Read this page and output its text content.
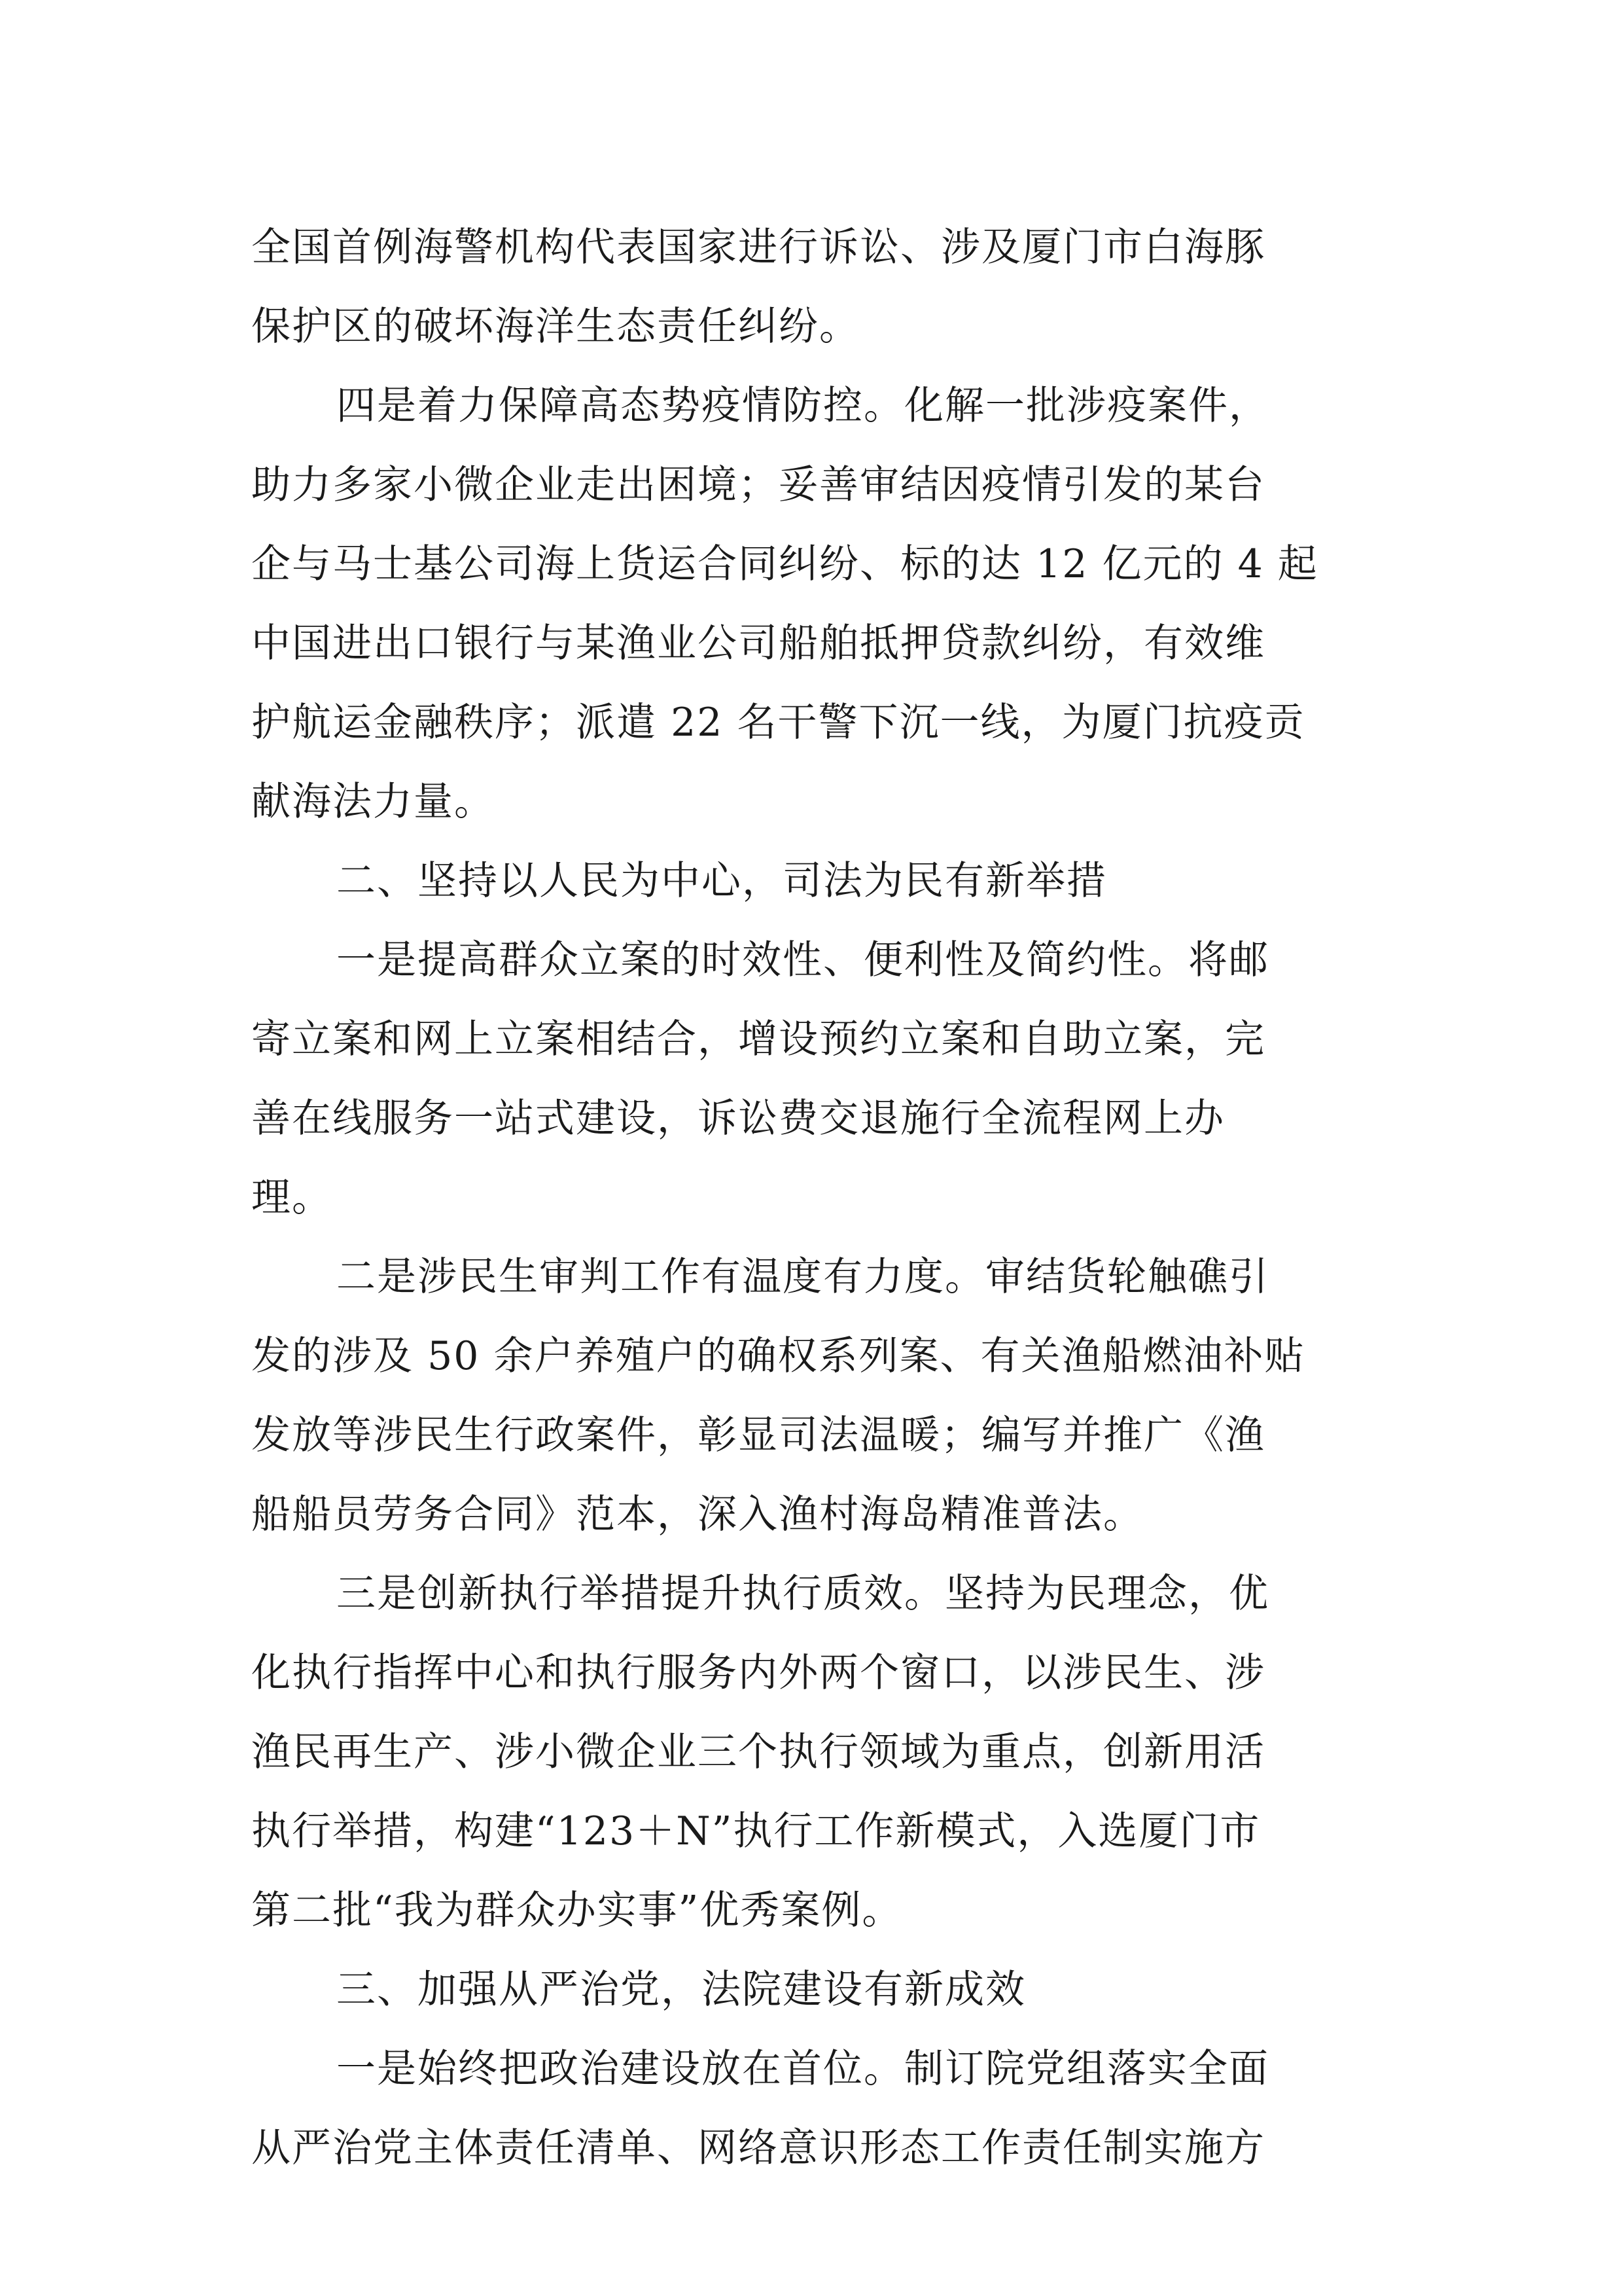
全国首例海警机构代表国家进行诉讼、涉及厦门市白海豚
保护区的破坏海洋生态责任纠纷。
四是着力保障高态势疫情防控。化解一批涉疫案件，
助力多家小微企业走出困境；妥善审结因疫情引发的某台
企与马士基公司海上货运合同纠纷、标的达 12 亿元的 4 起
中国进出口银行与某渔业公司船舶抵押贷款纠纷，有效维
护航运金融秩序；派遣 22 名干警下沉一线，为厦门抗疫贡
献海法力量。
二、坚持以人民为中心，司法为民有新举措
一是提高群众立案的时效性、便利性及简约性。将邮
寄立案和网上立案相结合，增设预约立案和自助立案，完
善在线服务一站式建设，诉讼费交退施行全流程网上办
理。
二是涉民生审判工作有温度有力度。审结货轮触礁引
发的涉及 50 余户养殖户的确权系列案、有关渔船燃油补贴
发放等涉民生行政案件，彰显司法温暖；编写并推广《渔
船船员劳务合同》范本，深入渔村海岛精准普法。
三是创新执行举措提升执行质效。坚持为民理念，优
化执行指挥中心和执行服务内外两个窗口，以涉民生、涉
渔民再生产、涉小微企业三个执行领域为重点，创新用活
执行举措，构建“123＋N”执行工作新模式，入选厦门市
第二批“我为群众办实事”优秀案例。
三、加强从严治党，法院建设有新成效
一是始终把政治建设放在首位。制订院党组落实全面
从严治党主体责任清单、网络意识形态工作责任制实施方
